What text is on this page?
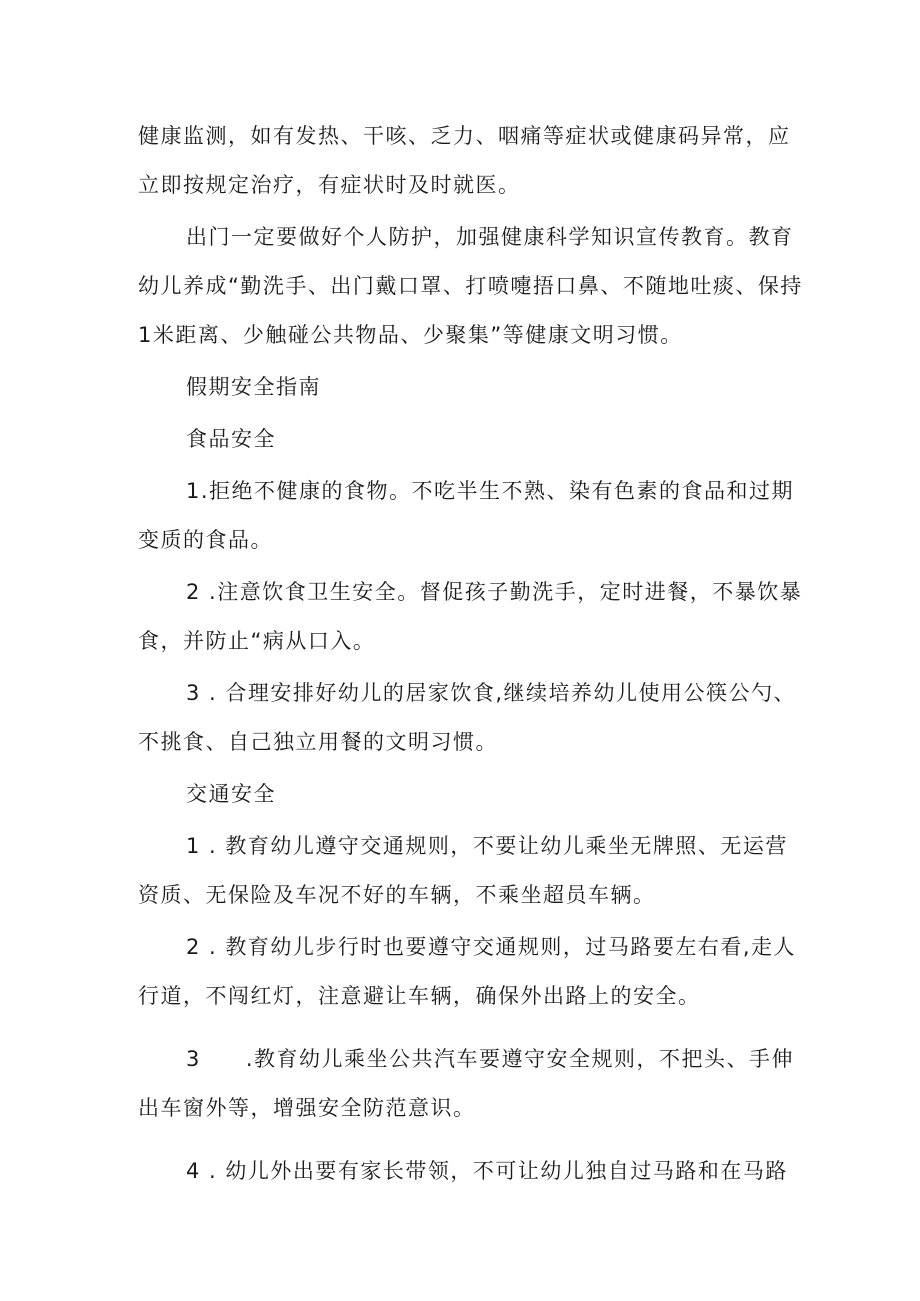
健康监测，如有发热、干咳、乏力、咽痛等症状或健康码异常，应立即按规定治疗，有症状时及时就医。

出门一定要做好个人防护，加强健康科学知识宣传教育。教育幼儿养成“勤洗手、出门戴口罩、打喷嚏捂口鼻、不随地吐痰、保持1米距离、少触碰公共物品、少聚集”等健康文明习惯。

假期安全指南

食品安全

1.拒绝不健康的食物。不吃半生不熟、染有色素的食品和过期变质的食品。

2 .注意饮食卫生安全。督促孩子勤洗手，定时进餐，不暴饮暴食，并防止“病从口入。

3 . 合理安排好幼儿的居家饮食,继续培养幼儿使用公筷公勺、不挑食、自己独立用餐的文明习惯。

交通安全

1 . 教育幼儿遵守交通规则，不要让幼儿乘坐无牌照、无运营资质、无保险及车况不好的车辆，不乘坐超员车辆。

2 . 教育幼儿步行时也要遵守交通规则，过马路要左右看,走人行道，不闯红灯，注意避让车辆，确保外出路上的安全。

3  .教育幼儿乘坐公共汽车要遵守安全规则，不把头、手伸出车窗外等，增强安全防范意识。

4 . 幼儿外出要有家长带领，不可让幼儿独自过马路和在马路
